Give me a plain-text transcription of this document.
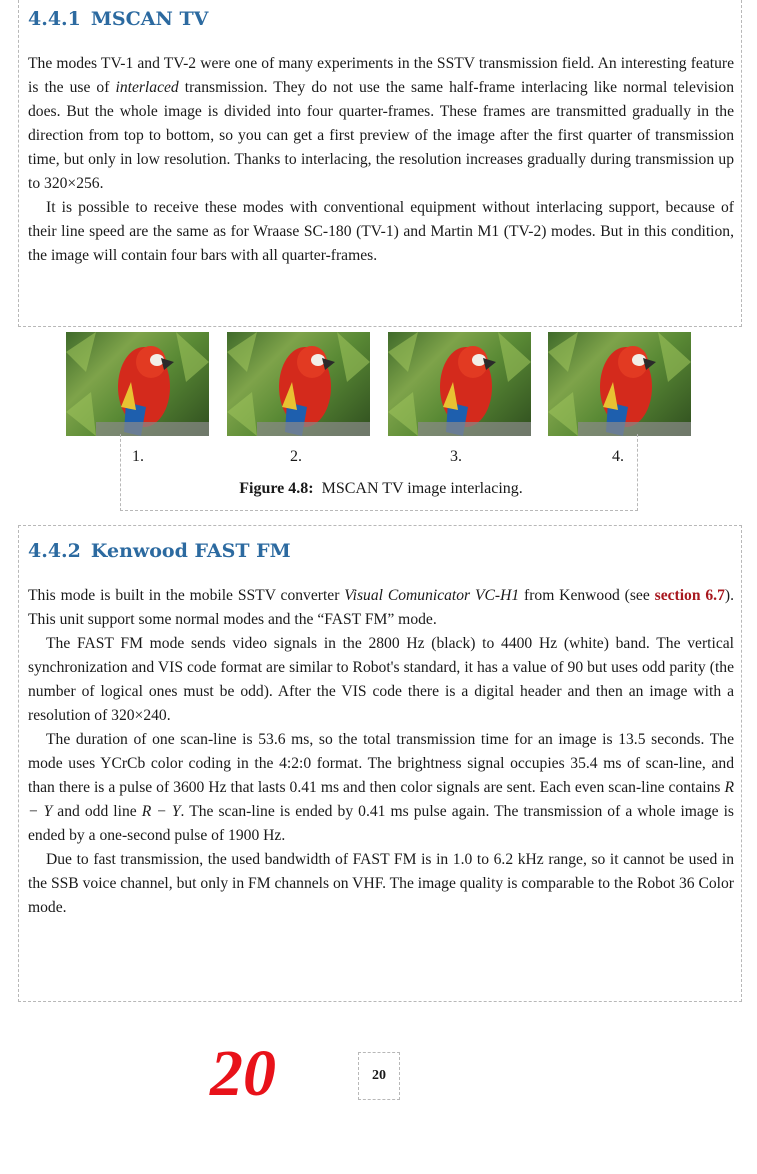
4.4.1 MSCAN TV

The modes TV-1 and TV-2 were one of many experiments in the SSTV transmission field. An interesting feature is the use of interlaced transmission. They do not use the same half-frame interlacing like normal television does. But the whole image is divided into four quarter-frames. These frames are transmitted gradually in the direction from top to bottom, so you can get a first preview of the image after the first quarter of transmission time, but only in low resolution. Thanks to interlacing, the resolution increases gradually during transmission up to 320×256.

It is possible to receive these modes with conventional equipment without interlacing support, because of their line speed are the same as for Wraase SC-180 (TV-1) and Martin M1 (TV-2) modes. But in this condition, the image will contain four bars with all quarter-frames.

1.	2.	3.	4.
Figure 4.8: MSCAN TV image interlacing.
4.4.2 Kenwood FAST FM

This mode is built in the mobile SSTV converter Visual Comunicator VC-H1 from Kenwood (see section 6.7). This unit support some normal modes and the “FAST FM” mode.

The FAST FM mode sends video signals in the 2800 Hz (black) to 4400 Hz (white) band. The vertical synchronization and VIS code format are similar to Robot's standard, it has a value of 90 but uses odd parity (the number of logical ones must be odd). After the VIS code there is a digital header and then an image with a resolution of 320×240.

The duration of one scan-line is 53.6 ms, so the total transmission time for an image is 13.5 seconds. The mode uses YCrCb color coding in the 4:2:0 format. The brightness signal occupies 35.4 ms of scan-line, and than there is a pulse of 3600 Hz that lasts 0.41 ms and then color signals are sent. Each even scan-line contains R − Y and odd line R − Y. The scan-line is ended by 0.41 ms pulse again. The transmission of a whole image is ended by a one-second pulse of 1900 Hz.

Due to fast transmission, the used bandwidth of FAST FM is in 1.0 to 6.2 kHz range, so it cannot be used in the SSB voice channel, but only in FM channels on VHF. The image quality is comparable to the Robot 36 Color mode.

20	20
